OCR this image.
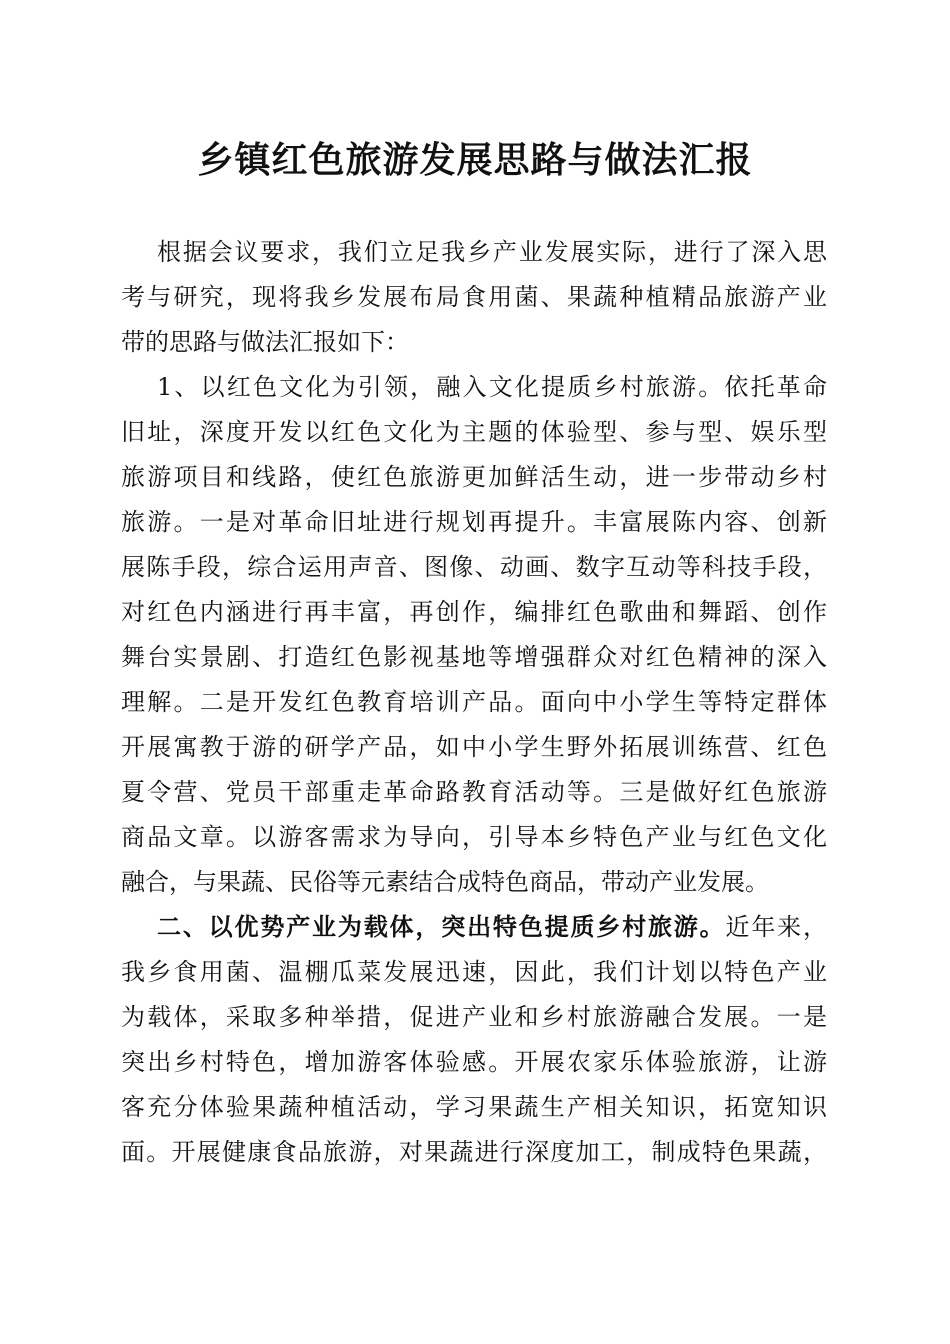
乡镇红色旅游发展思路与做法汇报

根据会议要求，我们立足我乡产业发展实际，进行了深入思

考与研究，现将我乡发展布局食用菌、果蔬种植精品旅游产业

带的思路与做法汇报如下：

1、以红色文化为引领，融入文化提质乡村旅游。依托革命

旧址，深度开发以红色文化为主题的体验型、参与型、娱乐型

旅游项目和线路，使红色旅游更加鲜活生动，进一步带动乡村

旅游。一是对革命旧址进行规划再提升。丰富展陈内容、创新

展陈手段，综合运用声音、图像、动画、数字互动等科技手段，

对红色内涵进行再丰富，再创作，编排红色歌曲和舞蹈、创作

舞台实景剧、打造红色影视基地等增强群众对红色精神的深入

理解。二是开发红色教育培训产品。面向中小学生等特定群体

开展寓教于游的研学产品，如中小学生野外拓展训练营、红色

夏令营、党员干部重走革命路教育活动等。三是做好红色旅游

商品文章。以游客需求为导向，引导本乡特色产业与红色文化

融合，与果蔬、民俗等元素结合成特色商品，带动产业发展。

二、以优势产业为载体，突出特色提质乡村旅游。近年来，

我乡食用菌、温棚瓜菜发展迅速，因此，我们计划以特色产业

为载体，采取多种举措，促进产业和乡村旅游融合发展。一是

突出乡村特色，增加游客体验感。开展农家乐体验旅游，让游

客充分体验果蔬种植活动，学习果蔬生产相关知识，拓宽知识

面。开展健康食品旅游，对果蔬进行深度加工，制成特色果蔬，
